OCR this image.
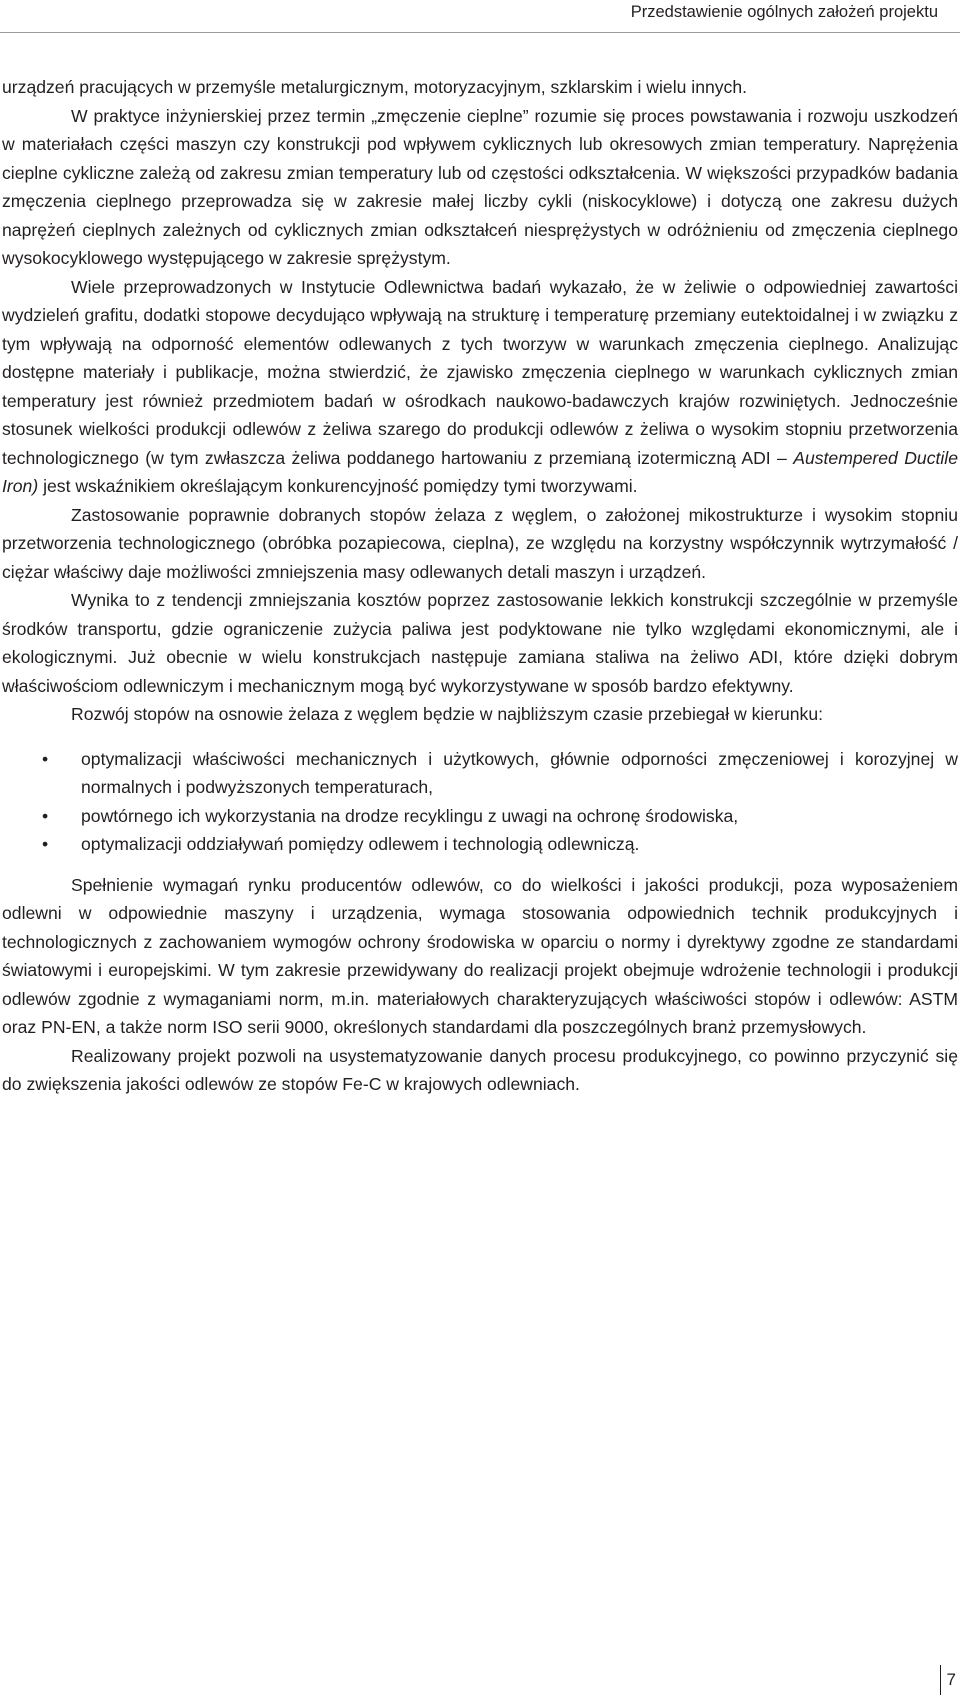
Przedstawienie ogólnych założeń projektu

urządzeń pracujących w przemyśle metalurgicznym, motoryzacyjnym, szklarskim i wielu innych.

W praktyce inżynierskiej przez termin „zmęczenie cieplne” rozumie się proces powstawania i rozwoju uszkodzeń w materiałach części maszyn czy konstrukcji pod wpływem cyklicznych lub okresowych zmian temperatury. Naprężenia cieplne cykliczne zależą od zakresu zmian temperatury lub od częstości odkształcenia. W większości przypadków badania zmęczenia cieplnego przeprowadza się w zakresie małej liczby cykli (niskocyklowe) i dotyczą one zakresu dużych naprężeń cieplnych zależnych od cyklicznych zmian odkształceń niesprężystych w odróżnieniu od zmęczenia cieplnego wysokocyklowego występującego w zakresie sprężystym.

Wiele przeprowadzonych w Instytucie Odlewnictwa badań wykazało, że w żeliwie o odpowiedniej zawartości wydzieleń grafitu, dodatki stopowe decydująco wpływają na strukturę i temperaturę przemiany eutektoidalnej i w związku z tym wpływają na odporność elementów odlewanych z tych tworzyw w warunkach zmęczenia cieplnego. Analizując dostępne materiały i publikacje, można stwierdzić, że zjawisko zmęczenia cieplnego w warunkach cyklicznych zmian temperatury jest również przedmiotem badań w ośrodkach naukowo-badawczych krajów rozwiniętych. Jednocześnie stosunek wielkości produkcji odlewów z żeliwa szarego do produkcji odlewów z żeliwa o wysokim stopniu przetworzenia technologicznego (w tym zwłaszcza żeliwa poddanego hartowaniu z przemianą izotermiczną ADI – Austempered Ductile Iron) jest wskaźnikiem określającym konkurencyjność pomiędzy tymi tworzywami.

Zastosowanie poprawnie dobranych stopów żelaza z węglem, o założonej mikostrukturze i wysokim stopniu przetworzenia technologicznego (obróbka pozapiecowa, cieplna), ze względu na korzystny współczynnik wytrzymałość / ciężar właściwy daje możliwości zmniejszenia masy odlewanych detali maszyn i urządzeń.

Wynika to z tendencji zmniejszania kosztów poprzez zastosowanie lekkich konstrukcji szczególnie w przemyśle środków transportu, gdzie ograniczenie zużycia paliwa jest podyktowane nie tylko względami ekonomicznymi, ale i ekologicznymi. Już obecnie w wielu konstrukcjach następuje zamiana staliwa na żeliwo ADI, które dzięki dobrym właściwościom odlewniczym i mechanicznym mogą być wykorzystywane w sposób bardzo efektywny.

Rozwój stopów na osnowie żelaza z węglem będzie w najbliższym czasie przebiegał w kierunku:

• optymalizacji właściwości mechanicznych i użytkowych, głównie odporności zmęczeniowej i korozyjnej w normalnych i podwyższonych temperaturach,
• powtórnego ich wykorzystania na drodze recyklingu z uwagi na ochronę środowiska,
• optymalizacji oddziaływań pomiędzy odlewem i technologią odlewniczą.

Spełnienie wymagań rynku producentów odlewów, co do wielkości i jakości produkcji, poza wyposażeniem odlewni w odpowiednie maszyny i urządzenia, wymaga stosowania odpowiednich technik produkcyjnych i technologicznych z zachowaniem wymogów ochrony środowiska w oparciu o normy i dyrektywy zgodne ze standardami światowymi i europejskimi. W tym zakresie przewidywany do realizacji projekt obejmuje wdrożenie technologii i produkcji odlewów zgodnie z wymaganiami norm, m.in. materiałowych charakteryzujących właściwości stopów i odlewów: ASTM oraz PN-EN, a także norm ISO serii 9000, określonych standardami dla poszczególnych branż przemysłowych.

Realizowany projekt pozwoli na usystematyzowanie danych procesu produkcyjnego, co powinno przyczynić się do zwiększenia jakości odlewów ze stopów Fe-C w krajowych odlewniach.

7
